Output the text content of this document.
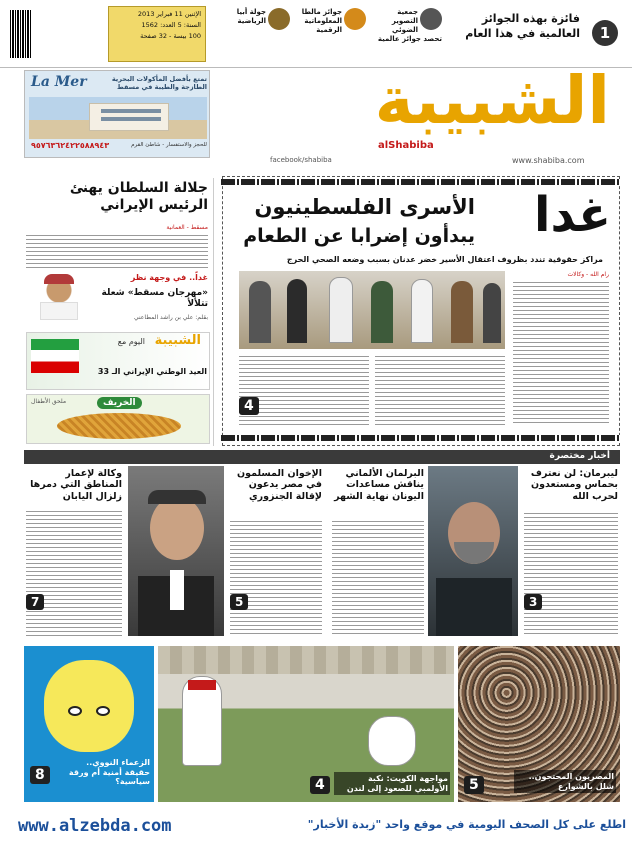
الإثنين 11 فبراير 2013
السنة: 5 العدد: 1562
100 بيسة - 32 صفحة
جولة أبيا الرياضية
جوائز مالطا المعلوماتية الرقمية
جمعية التصوير الضوئي تحصد جوائز عالمية
فائزة بهذه الجوائز العالمية في هذا العام	1
La Mer	تمتع بأفضل المأكولات البحرية الطازجة والطيبة في مسقط
٩٥٧٦٣٦٢٤٢٢٥٨٨٩٤٣	للحجز والاستفسار - شاطئ القرم
الشبيبة
alShabiba
www.shabiba.com
facebook/shabiba
جلالة السلطان يهنئ الرئيس الإيراني
مسقط - العمانية
غداً.. في وجهة نظر
«مهرجان مسقط» شعلة تتلألأ
بقلم: علي بن راشد المطاعني
اليوم مع الشبيبة
العيد الوطني الإيراني الـ 33
الخريف
ملحق الأطفال
غدا
الأسرى الفلسطينيون
يبدأون إضرابا عن الطعام
مراكز حقوقية تندد بظروف اعتقال الأسير خضر عدنان بسبب وضعه الصحي الحرج
رام الله - وكالات
4
أخبار مختصرة
وكالة لإعمار المناطق التي دمرها زلزال اليابان
7
الإخوان المسلمون في مصر يدعون لإقالة الجنزوري
5
البرلمان الألماني يناقش مساعدات اليونان نهاية الشهر
ليبرمان: لن نعترف بحماس ومستعدون لحرب الله
3
الزعماء النووي.. حقيقة أمنية أم ورقة سياسية؟
8	مواجهة الكويت: نكبة الأولمبي للصعود إلى لندن
4
المصريون المحتجون.. شلل بالشوارع
5
www.alzebda.com	اطلع على كل الصحف اليومية في موقع واحد "زبدة الأخبار"
